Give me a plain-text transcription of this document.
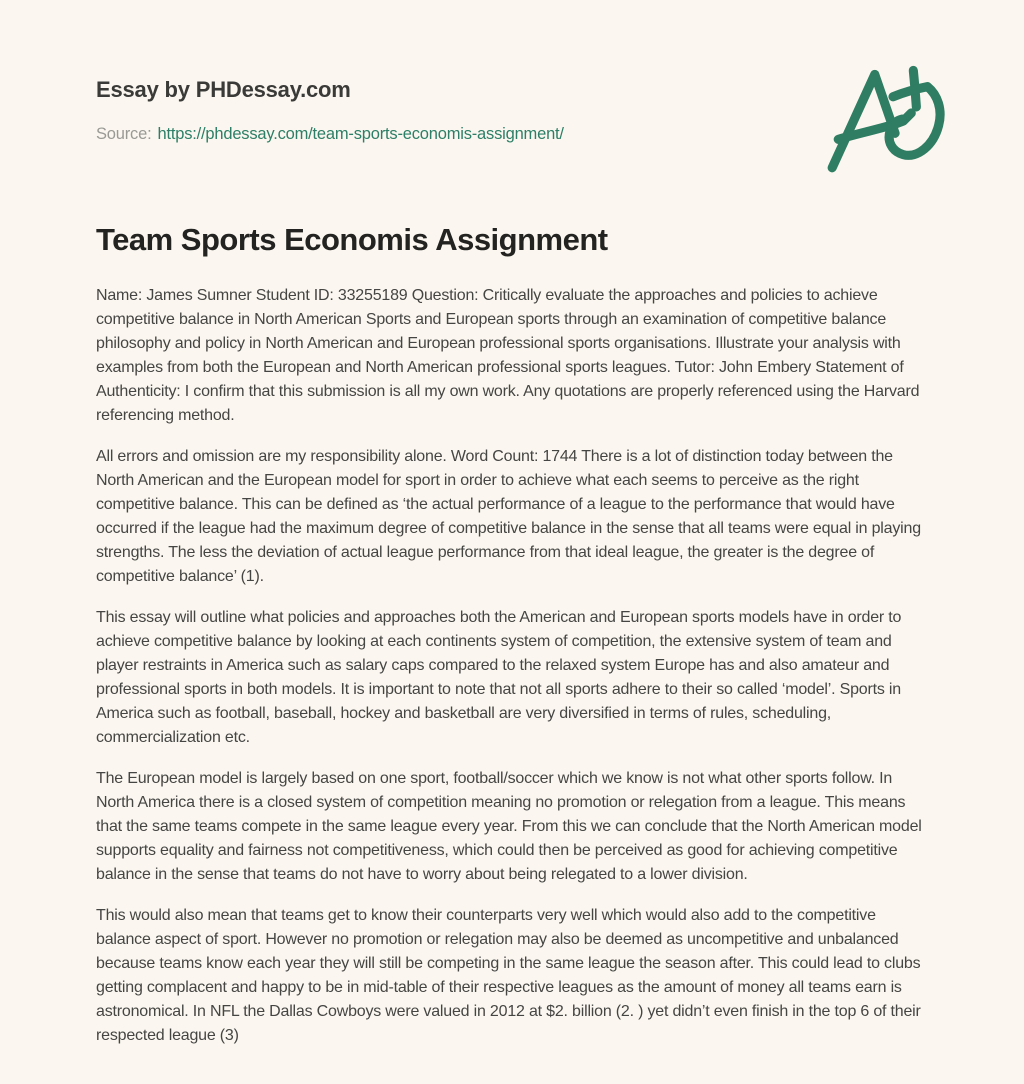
Essay by PHDessay.com
Source: https://phdessay.com/team-sports-economis-assignment/
Team Sports Economis Assignment

Name: James Sumner Student ID: 33255189 Question: Critically evaluate the approaches and policies to achieve competitive balance in North American Sports and European sports through an examination of competitive balance philosophy and policy in North American and European professional sports organisations. Illustrate your analysis with examples from both the European and North American professional sports leagues. Tutor: John Embery Statement of Authenticity: I confirm that this submission is all my own work. Any quotations are properly referenced using the Harvard referencing method.

All errors and omission are my responsibility alone. Word Count: 1744 There is a lot of distinction today between the North American and the European model for sport in order to achieve what each seems to perceive as the right competitive balance. This can be defined as ‘the actual performance of a league to the performance that would have occurred if the league had the maximum degree of competitive balance in the sense that all teams were equal in playing strengths. The less the deviation of actual league performance from that ideal league, the greater is the degree of competitive balance’ (1).

This essay will outline what policies and approaches both the American and European sports models have in order to achieve competitive balance by looking at each continents system of competition, the extensive system of team and player restraints in America such as salary caps compared to the relaxed system Europe has and also amateur and professional sports in both models. It is important to note that not all sports adhere to their so called ‘model’. Sports in America such as football, baseball, hockey and basketball are very diversified in terms of rules, scheduling, commercialization etc.

The European model is largely based on one sport, football/soccer which we know is not what other sports follow. In North America there is a closed system of competition meaning no promotion or relegation from a league. This means that the same teams compete in the same league every year. From this we can conclude that the North American model supports equality and fairness not competitiveness, which could then be perceived as good for achieving competitive balance in the sense that teams do not have to worry about being relegated to a lower division.

This would also mean that teams get to know their counterparts very well which would also add to the competitive balance aspect of sport. However no promotion or relegation may also be deemed as uncompetitive and unbalanced because teams know each year they will still be competing in the same league the season after. This could lead to clubs getting complacent and happy to be in mid-table of their respective leagues as the amount of money all teams earn is astronomical. In NFL the Dallas Cowboys were valued in 2012 at $2. billion (2. ) yet didn’t even finish in the top 6 of their respected league (3)
